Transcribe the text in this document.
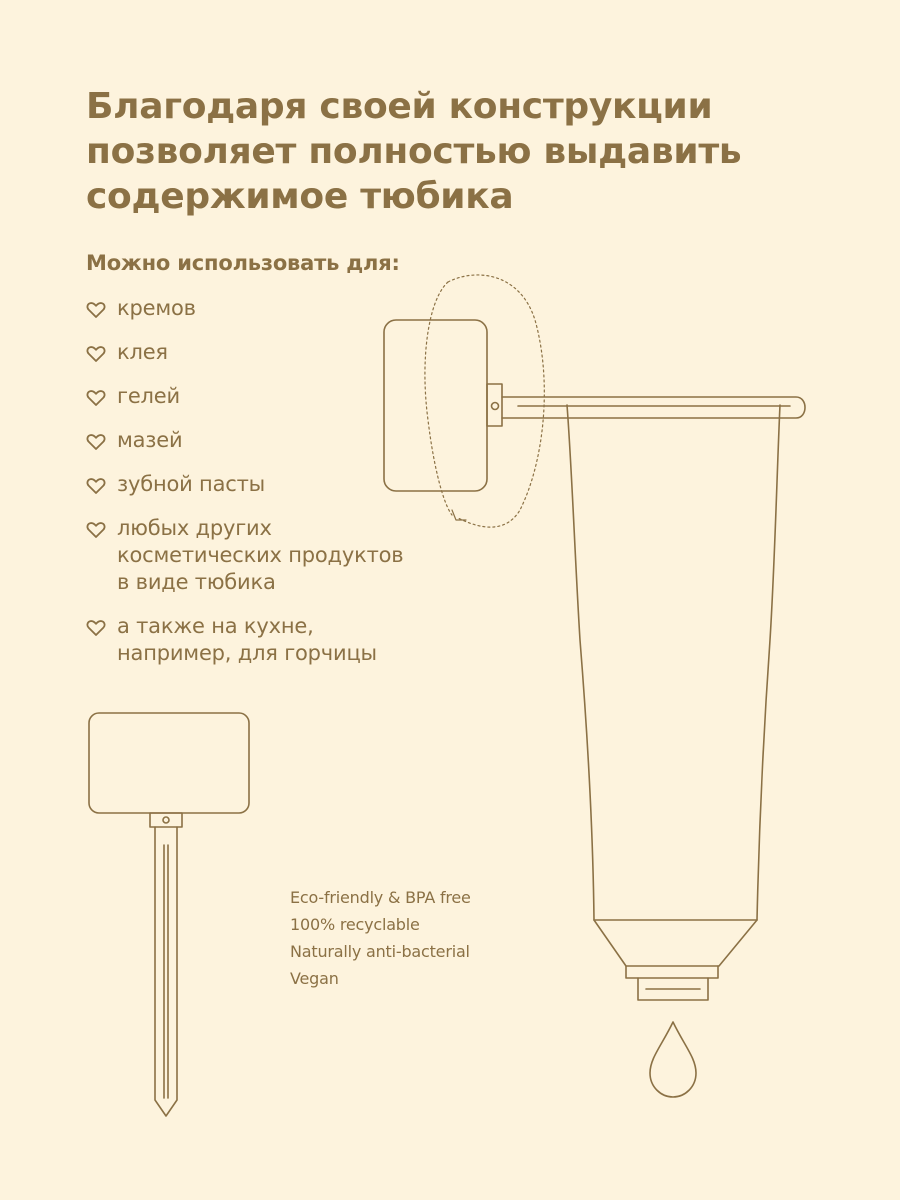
Благодаря своей конструкции
позволяет полностью выдавить
содержимое тюбика
Можно использовать для:
кремов
клея
гелей
мазей
зубной пасты
любых других
косметических продуктов
в виде тюбика
а также на кухне,
например, для горчицы
Eco-friendly & BPA free
100% recyclable
Naturally anti-bacterial
Vegan
